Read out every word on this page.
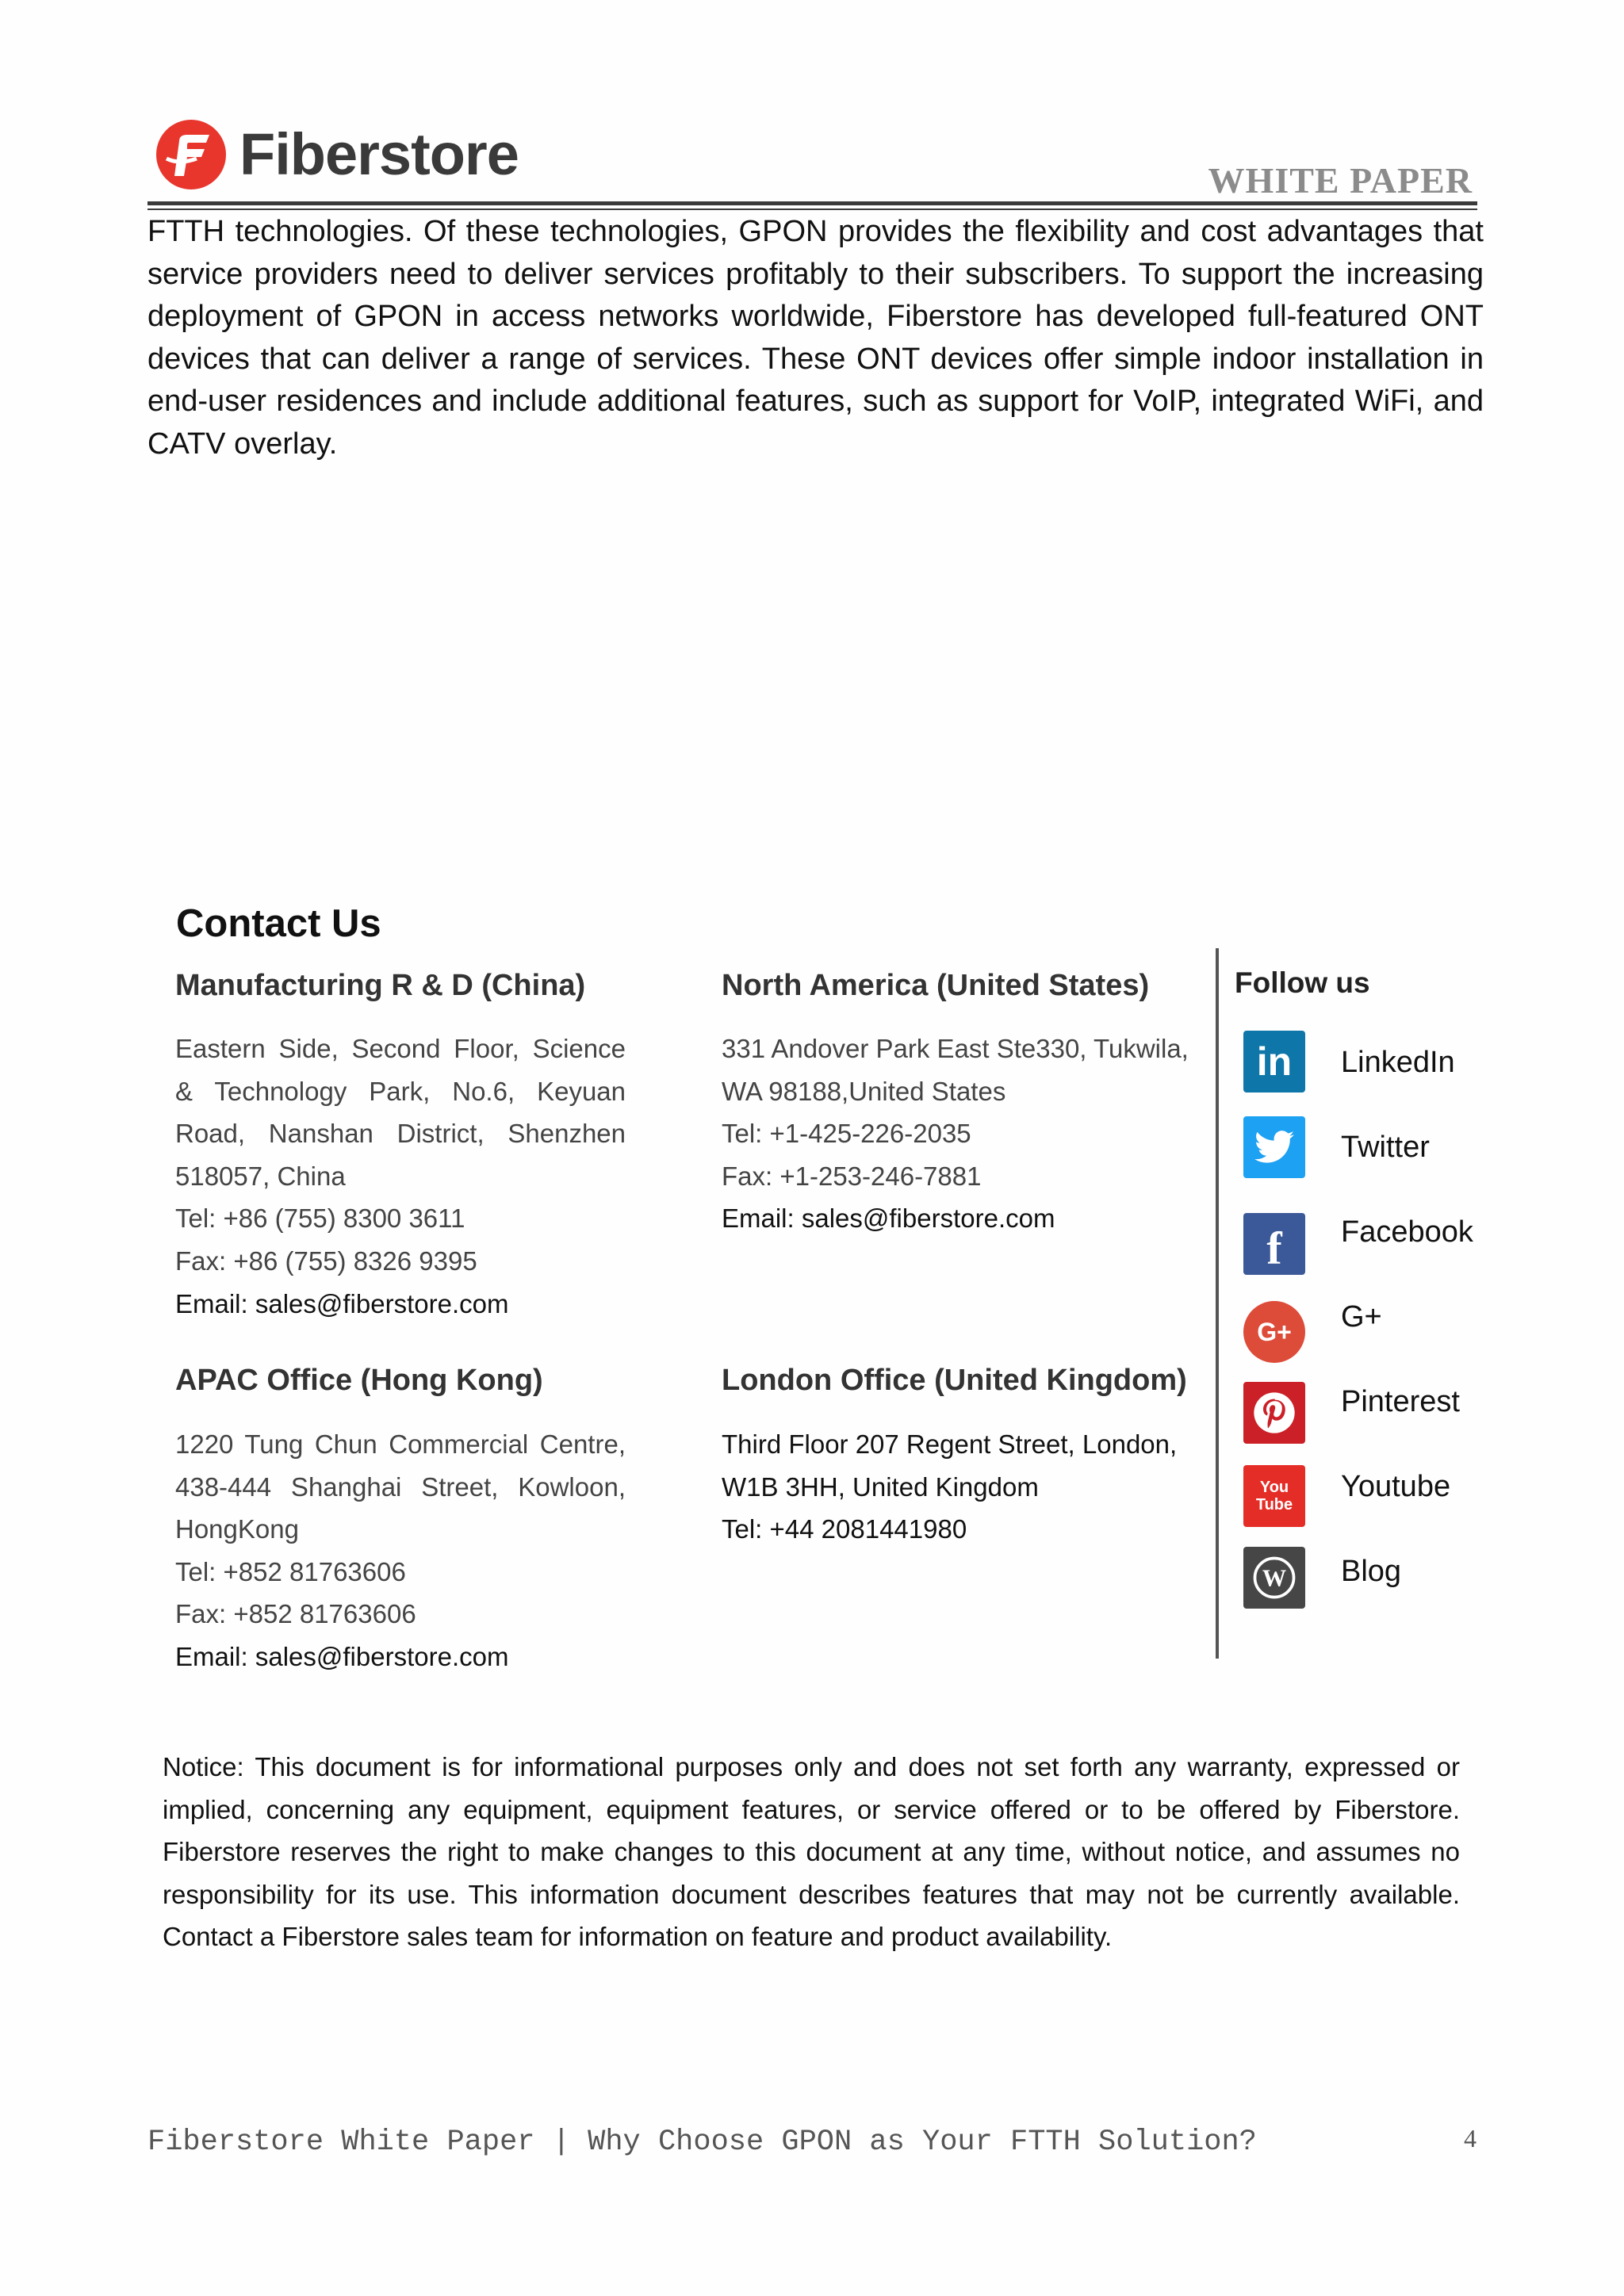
Fiberstore	WHITE PAPER
FTTH technologies. Of these technologies, GPON provides the flexibility and cost advantages that service providers need to deliver services profitably to their subscribers. To support the increasing deployment of GPON in access networks worldwide, Fiberstore has developed full-featured ONT devices that can deliver a range of services. These ONT devices offer simple indoor installation in end-user residences and include additional features, such as support for VoIP, integrated WiFi, and CATV overlay.
Contact Us
Manufacturing R & D (China)
Eastern Side, Second Floor, Science & Technology Park, No.6, Keyuan Road, Nanshan District, Shenzhen 518057, China
Tel: +86 (755) 8300 3611
Fax: +86 (755) 8326 9395
Email: sales@fiberstore.com
North America (United States)
331 Andover Park East Ste330, Tukwila,
WA 98188,United States
Tel: +1-425-226-2035
Fax: +1-253-246-7881
Email: sales@fiberstore.com
APAC Office (Hong Kong)
1220 Tung Chun Commercial Centre, 438-444 Shanghai Street, Kowloon, HongKong
Tel: +852 81763606
Fax: +852 81763606
Email: sales@fiberstore.com
London Office (United Kingdom)
Third Floor 207 Regent Street, London,
W1B 3HH, United Kingdom
Tel: +44 2081441980
Follow us
in	LinkedIn
Twitter
f	Facebook
G+	G+
Pinterest
You
Tube
Youtube
W Blog
Notice: This document is for informational purposes only and does not set forth any warranty, expressed or implied, concerning any equipment, equipment features, or service offered or to be offered by Fiberstore. Fiberstore reserves the right to make changes to this document at any time, without notice, and assumes no responsibility for its use. This information document describes features that may not be currently available. Contact a Fiberstore sales team for information on feature and product availability.
Fiberstore White Paper | Why Choose GPON as Your FTTH Solution?	4
